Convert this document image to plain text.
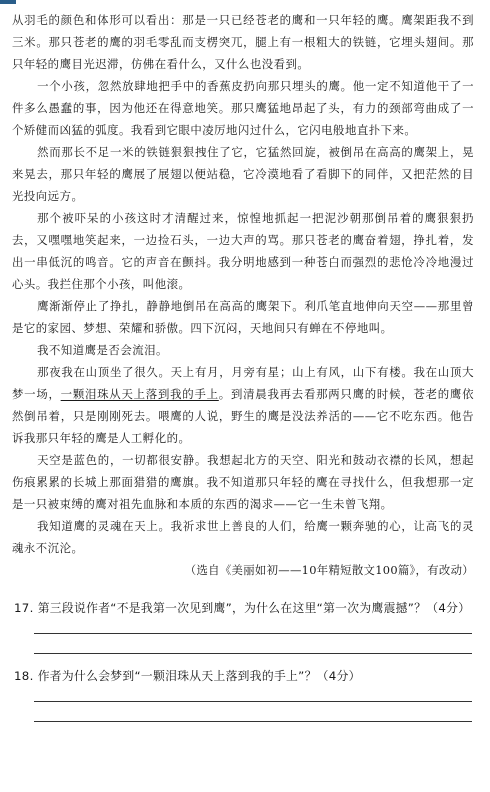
从羽毛的颜色和体形可以看出：那是一只已经苍老的鹰和一只年轻的鹰。鹰架距我不到三米。那只苍老的鹰的羽毛零乱而支楞突兀，腿上有一根粗大的铁链，它埋头翅间。那只年轻的鹰目光迟滞，仿佛在看什么，又什么也没看到。

一个小孩，忽然放肆地把手中的香蕉皮扔向那只埋头的鹰。他一定不知道他干了一件多么愚蠢的事，因为他还在得意地笑。那只鹰猛地昂起了头，有力的颈部弯曲成了一个矫健而凶猛的弧度。我看到它眼中凌厉地闪过什么，它闪电般地直扑下来。

然而那长不足一米的铁链狠狠拽住了它，它猛然回旋，被倒吊在高高的鹰架上，晃来晃去，那只年轻的鹰展了展翅以便站稳，它冷漠地看了看脚下的同伴，又把茫然的目光投向远方。

那个被吓呆的小孩这时才清醒过来，惊惶地抓起一把泥沙朝那倒吊着的鹰狠狠扔去，又嘿嘿地笑起来，一边捡石头，一边大声的骂。那只苍老的鹰奋着翅，挣扎着，发出一串低沉的鸣音。它的声音在颤抖。我分明地感到一种苍白而强烈的悲怆冷冷地漫过心头。我拦住那个小孩，叫他滚。

鹰渐渐停止了挣扎，静静地倒吊在高高的鹰架下。利爪笔直地伸向天空——那里曾是它的家园、梦想、荣耀和骄傲。四下沉闷，天地间只有蝉在不停地叫。

我不知道鹰是否会流泪。

那夜我在山顶坐了很久。天上有月，月旁有星；山上有风，山下有楼。我在山顶大梦一场，一颗泪珠从天上落到我的手上。到清晨我再去看那两只鹰的时候，苍老的鹰依然倒吊着，只是刚刚死去。喂鹰的人说，野生的鹰是没法养活的——它不吃东西。他告诉我那只年轻的鹰是人工孵化的。

天空是蓝色的，一切都很安静。我想起北方的天空、阳光和鼓动衣襟的长风，想起伤痕累累的长城上那面猎猎的鹰旗。我不知道那只年轻的鹰在寻找什么，但我想那一定是一只被束缚的鹰对祖先血脉和本质的东西的渴求——它一生未曾飞翔。

我知道鹰的灵魂在天上。我祈求世上善良的人们，给鹰一颗奔驰的心，让高飞的灵魂永不沉沦。

（选自《美丽如初——10年精短散文100篇》，有改动）

17. 第三段说作者“不是我第一次见到鹰”，为什么在这里“第一次为鹰震撼”？（4分）

18. 作者为什么会梦到“一颗泪珠从天上落到我的手上”？（4分）
